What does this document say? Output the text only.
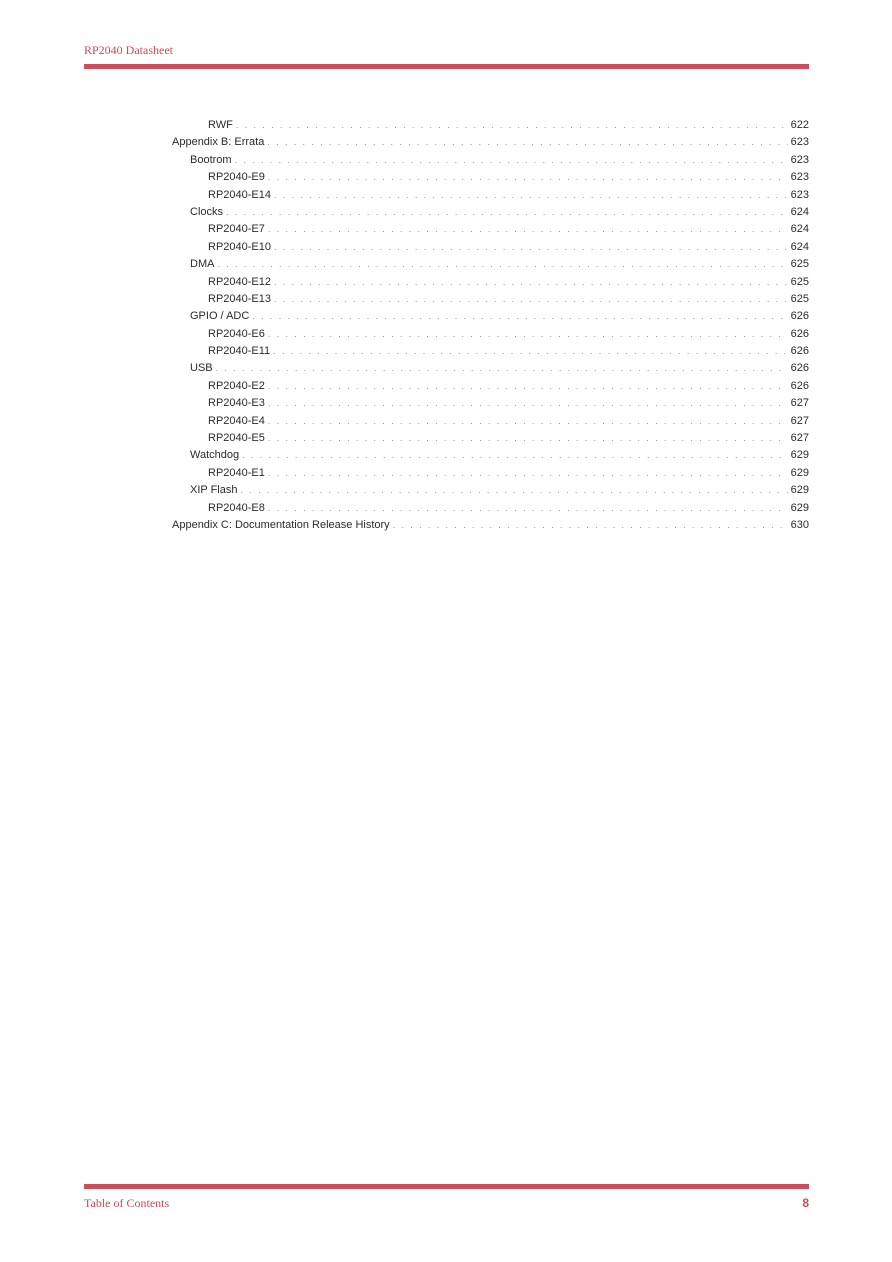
RP2040 Datasheet
RWF . . .	622
Appendix B: Errata . . .	623
Bootrom . . .	623
RP2040-E9 . . .	623
RP2040-E14 . . .	623
Clocks . . .	624
RP2040-E7 . . .	624
RP2040-E10 . . .	624
DMA . . .	625
RP2040-E12 . . .	625
RP2040-E13 . . .	625
GPIO / ADC . . .	626
RP2040-E6 . . .	626
RP2040-E11 . . .	626
USB . . .	626
RP2040-E2 . . .	626
RP2040-E3 . . .	627
RP2040-E4 . . .	627
RP2040-E5 . . .	627
Watchdog . . .	629
RP2040-E1 . . .	629
XIP Flash . . .	629
RP2040-E8 . . .	629
Appendix C: Documentation Release History . . .	630
Table of Contents	8
